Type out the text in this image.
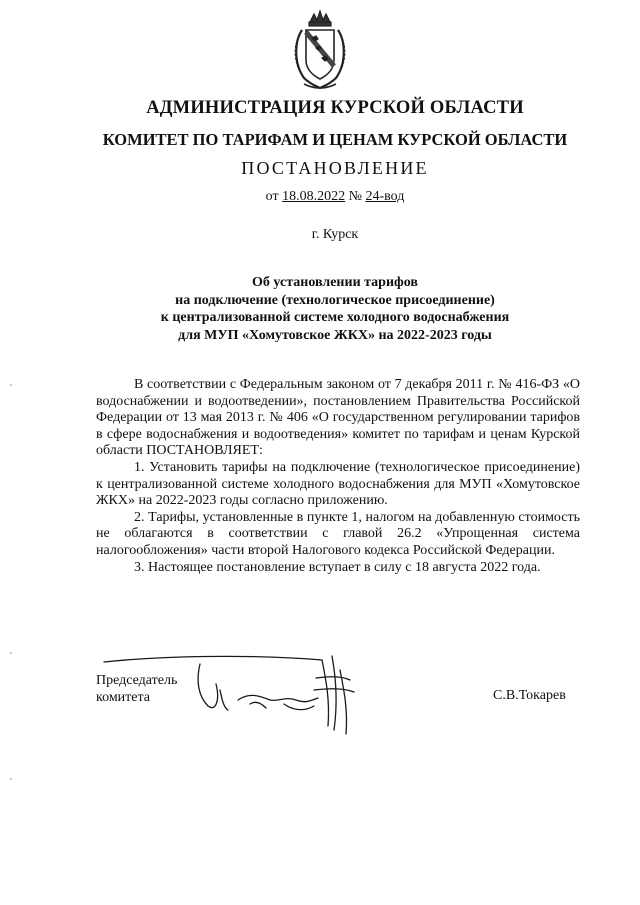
АДМИНИСТРАЦИЯ КУРСКОЙ ОБЛАСТИ
КОМИТЕТ ПО ТАРИФАМ И ЦЕНАМ КУРСКОЙ ОБЛАСТИ
ПОСТАНОВЛЕНИЕ
от 18.08.2022 № 24-вод
г. Курск
Об установлении тарифов
на подключение (технологическое присоединение)
к централизованной системе холодного водоснабжения
для МУП «Хомутовское ЖКХ» на 2022-2023 годы

В соответствии с Федеральным законом от 7 декабря 2011 г. № 416-ФЗ «О водоснабжении и водоотведении», постановлением Правительства Российской Федерации от 13 мая 2013 г. № 406 «О государственном регулировании тарифов в сфере водоснабжения и водоотведения» комитет по тарифам и ценам Курской области ПОСТАНОВЛЯЕТ:

1. Установить тарифы на подключение (технологическое присоединение) к централизованной системе холодного водоснабжения для МУП «Хомутовское ЖКХ» на 2022-2023 годы согласно приложению.

2. Тарифы, установленные в пункте 1, налогом на добавленную стоимость не облагаются в соответствии с главой 26.2 «Упрощенная система налогообложения» части второй Налогового кодекса Российской Федерации.

3. Настоящее постановление вступает в силу с 18 августа 2022 года.

Председатель
комитета	С.В.Токарев
